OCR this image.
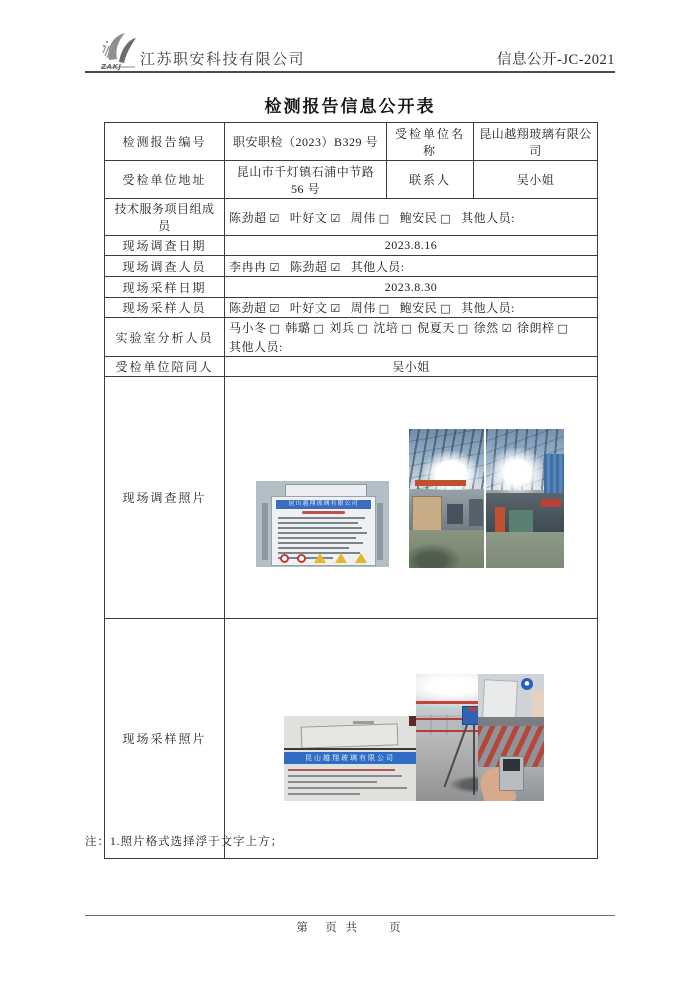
ZAKJ 江苏职安科技有限公司	信息公开-JC-2021
检测报告信息公开表
检测报告编号	职安职检（2023）B329 号	受检单位名称	昆山越翔玻璃有限公司
受检单位地址	昆山市千灯镇石浦中节路 56 号	联系人	吴小姐
技术服务项目组成员	陈劲超 ☑ 叶好文 ☑ 周伟 □ 鲍安民 □ 其他人员:		
现场调查日期	2023.8.16		
现场调查人员	李冉冉 ☑ 陈劲超 ☑ 其他人员:		
现场采样日期	2023.8.30		
现场采样人员	陈劲超 ☑ 叶好文 ☑ 周伟 □ 鲍安民 □ 其他人员:		
实验室分析人员	马小冬 □ 韩璐 □ 刘兵 □ 沈培 □ 倪夏天 □ 徐然 ☑ 徐朗梓 □
其他人员:		

受检单位陪同人	吴小姐		
现场调查照片	昆山越翔玻璃有限公司		

现场采样照片	昆山越翔玻璃有限公司		
注：1.照片格式选择浮于文字上方；
第　页 共　　页
